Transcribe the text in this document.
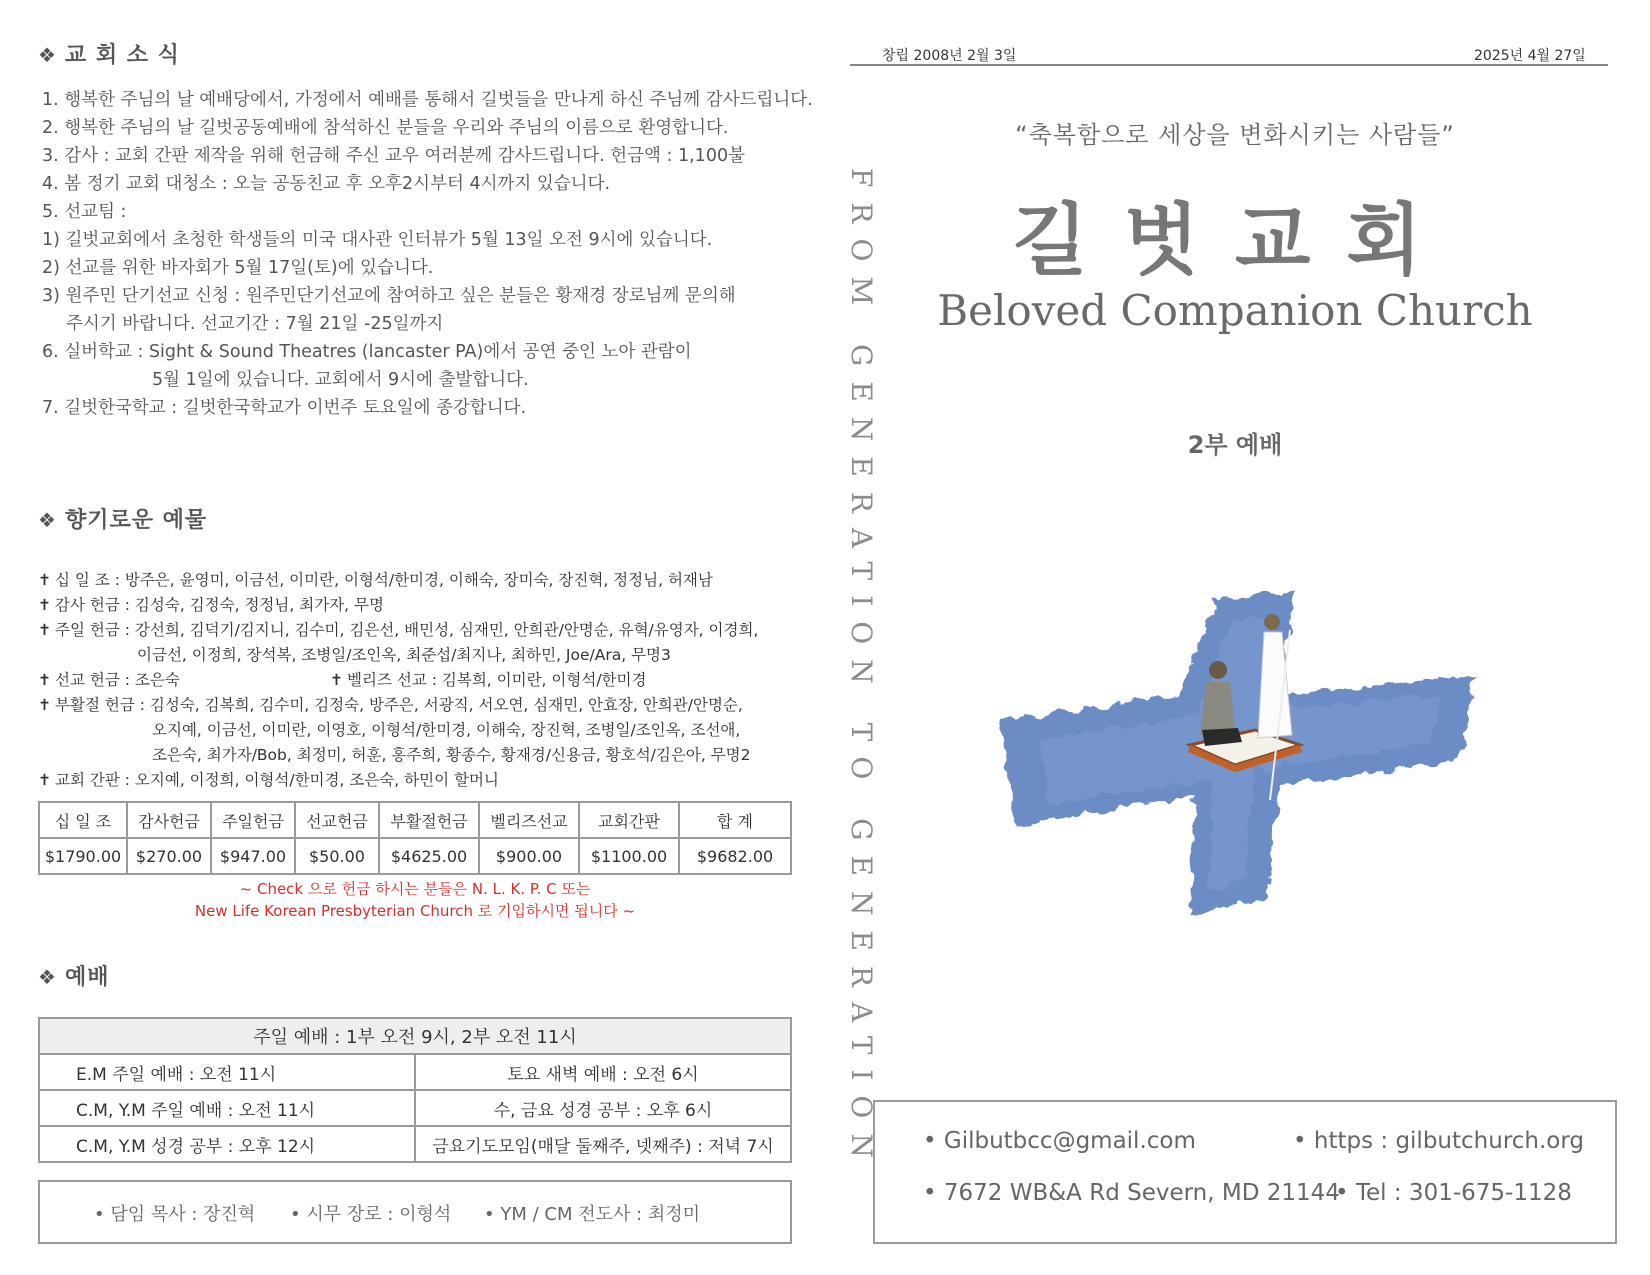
❖ 교 회 소 식
1. 행복한 주님의 날 예배당에서, 가정에서 예배를 통해서 길벗들을 만나게 하신 주님께 감사드립니다.
2. 행복한 주님의 날 길벗공동예배에 참석하신 분들을 우리와 주님의 이름으로 환영합니다.
3. 감사 : 교회 간판 제작을 위해 헌금해 주신 교우 여러분께 감사드립니다. 헌금액 : 1,100불
4. 봄 정기 교회 대청소 : 오늘 공동친교 후 오후2시부터 4시까지 있습니다.
5. 선교팀 :
1) 길벗교회에서 초청한 학생들의 미국 대사관 인터뷰가 5월 13일 오전 9시에 있습니다.
2) 선교를 위한 바자회가 5월 17일(토)에 있습니다.
3) 원주민 단기선교 신청 : 원주민단기선교에 참여하고 싶은 분들은 황재경 장로님께 문의해
주시기 바랍니다. 선교기간 : 7월 21일 -25일까지
6. 실버학교 : Sight & Sound Theatres (lancaster PA)에서 공연 중인 노아 관람이
5월 1일에 있습니다. 교회에서 9시에 출발합니다.
7. 길벗한국학교 : 길벗한국학교가 이번주 토요일에 종강합니다.
❖ 향기로운 예물
✝ 십 일 조 : 방주은, 윤영미, 이금선, 이미란, 이형석/한미경, 이해숙, 장미숙, 장진혁, 정정님, 허재남
✝ 감사 헌금 : 김성숙, 김정숙, 정정님, 최가자, 무명
✝ 주일 헌금 : 강선희, 김덕기/김지니, 김수미, 김은선, 배민성, 심재민, 안희관/안명순, 유혁/유영자, 이경희,
이금선, 이정희, 장석복, 조병일/조인옥, 최준섭/최지나, 최하민, Joe/Ara, 무명3
✝ 선교 헌금 : 조은숙	✝ 벨리즈 선교 : 김복희, 이미란, 이형석/한미경
✝ 부활절 헌금 : 김성숙, 김복희, 김수미, 김정숙, 방주은, 서광직, 서오연, 심재민, 안효장, 안희관/안명순,
오지예, 이금선, 이미란, 이영호, 이형석/한미경, 이해숙, 장진혁, 조병일/조인옥, 조선애,
조은숙, 최가자/Bob, 최정미, 허훈, 홍주희, 황종수, 황재경/신용금, 황호석/김은아, 무명2
✝ 교회 간판 : 오지예, 이정희, 이형석/한미경, 조은숙, 하민이 할머니
십 일 조	감사헌금	주일헌금	선교헌금	부활절헌금	벨리즈선교	교회간판	합 계
$1790.00	$270.00	$947.00	$50.00	$4625.00	$900.00	$1100.00	$9682.00
~ Check 으로 헌금 하시는 분들은 N. L. K. P. C 또는
New Life Korean Presbyterian Church 로 기입하시면 됩니다 ~
❖ 예배
주일 예배 : 1부 오전 9시, 2부 오전 11시	
E.M 주일 예배 : 오전 11시	토요 새벽 예배 : 오전 6시
C.M, Y.M 주일 예배 : 오전 11시	수, 금요 성경 공부 : 오후 6시
C.M, Y.M 성경 공부 : 오후 12시	금요기도모임(매달 둘째주, 넷째주) : 저녁 7시
• 담임 목사 : 장진혁 • 시무 장로 : 이형석 • YM / CM 전도사 : 최정미
FROM GENERATION TO GENERATION
창립 2008년 2월 3일	2025년 4월 27일
“축복함으로 세상을 변화시키는 사람들”
길벗교회
Beloved Companion Church
2부 예배
• Gilbutbcc@gmail.com	• https : gilbutchurch.org
• 7672 WB&A Rd Severn, MD 21144
• Tel : 301-675-1128
